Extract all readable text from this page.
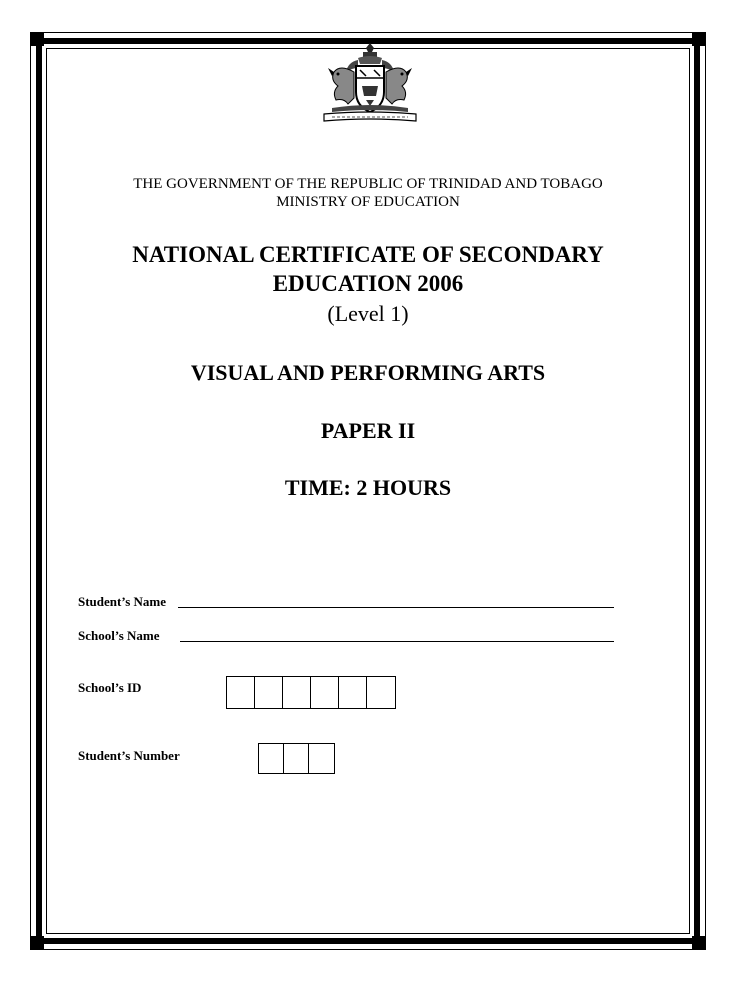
THE GOVERNMENT OF THE REPUBLIC OF TRINIDAD AND TOBAGO
MINISTRY OF EDUCATION
NATIONAL CERTIFICATE OF SECONDARY
EDUCATION 2006
(Level 1)
VISUAL AND PERFORMING ARTS
PAPER II
TIME: 2 HOURS
Student’s Name
School’s Name
School’s ID
Student’s Number
